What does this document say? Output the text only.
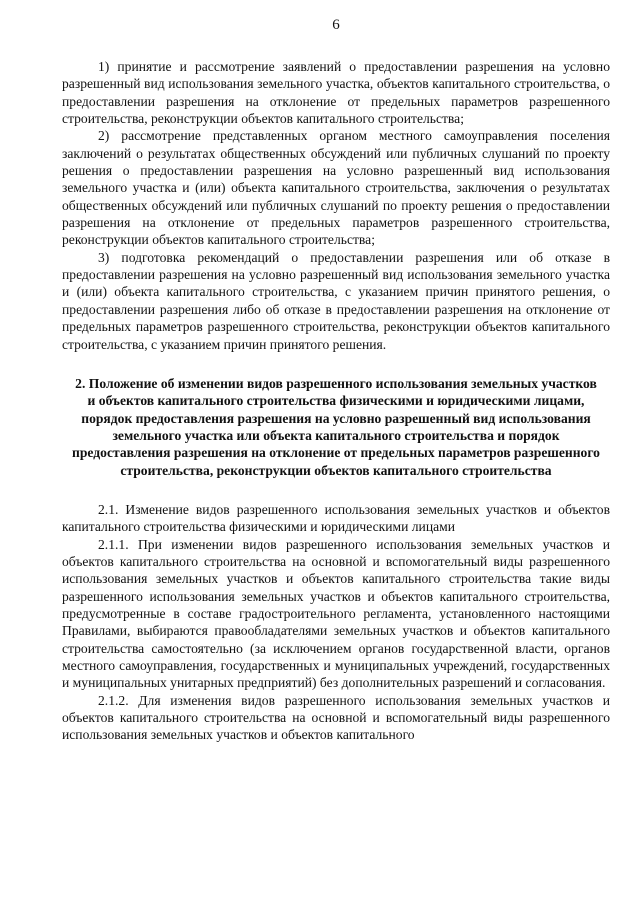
6

1) принятие и рассмотрение заявлений о предоставлении разрешения на условно разрешенный вид использования земельного участка, объектов капитального строительства, о предоставлении разрешения на отклонение от предельных параметров разрешенного строительства, реконструкции объектов капитального строительства;

2) рассмотрение представленных органом местного самоуправления поселения заключений о результатах общественных обсуждений или публичных слушаний по проекту решения о предоставлении разрешения на условно разрешенный вид использования земельного участка и (или) объекта капитального строительства, заключения о результатах общественных обсуждений или публичных слушаний по проекту решения о предоставлении разрешения на отклонение от предельных параметров разрешенного строительства, реконструкции объектов капитального строительства;

3) подготовка рекомендаций о предоставлении разрешения или об отказе в предоставлении разрешения на условно разрешенный вид использования земельного участка и (или) объекта капитального строительства, с указанием причин принятого решения, о предоставлении разрешения либо об отказе в предоставлении разрешения на отклонение от предельных параметров разрешенного строительства, реконструкции объектов капитального строительства, с указанием причин принятого решения.

2. Положение об изменении видов разрешенного использования земельных участков и объектов капитального строительства физическими и юридическими лицами, порядок предоставления разрешения на условно разрешенный вид использования земельного участка или объекта капитального строительства и порядок предоставления разрешения на отклонение от предельных параметров разрешенного строительства, реконструкции объектов капитального строительства

2.1. Изменение видов разрешенного использования земельных участков и объектов капитального строительства физическими и юридическими лицами

2.1.1. При изменении видов разрешенного использования земельных участков и объектов капитального строительства на основной и вспомогательный виды разрешенного использования земельных участков и объектов капитального строительства такие виды разрешенного использования земельных участков и объектов капитального строительства, предусмотренные в составе градостроительного регламента, установленного настоящими Правилами, выбираются правообладателями земельных участков и объектов капитального строительства самостоятельно (за исключением органов государственной власти, органов местного самоуправления, государственных и муниципальных учреждений, государственных и муниципальных унитарных предприятий) без дополнительных разрешений и согласования.

2.1.2. Для изменения видов разрешенного использования земельных участков и объектов капитального строительства на основной и вспомогательный виды разрешенного использования земельных участков и объектов капитального
